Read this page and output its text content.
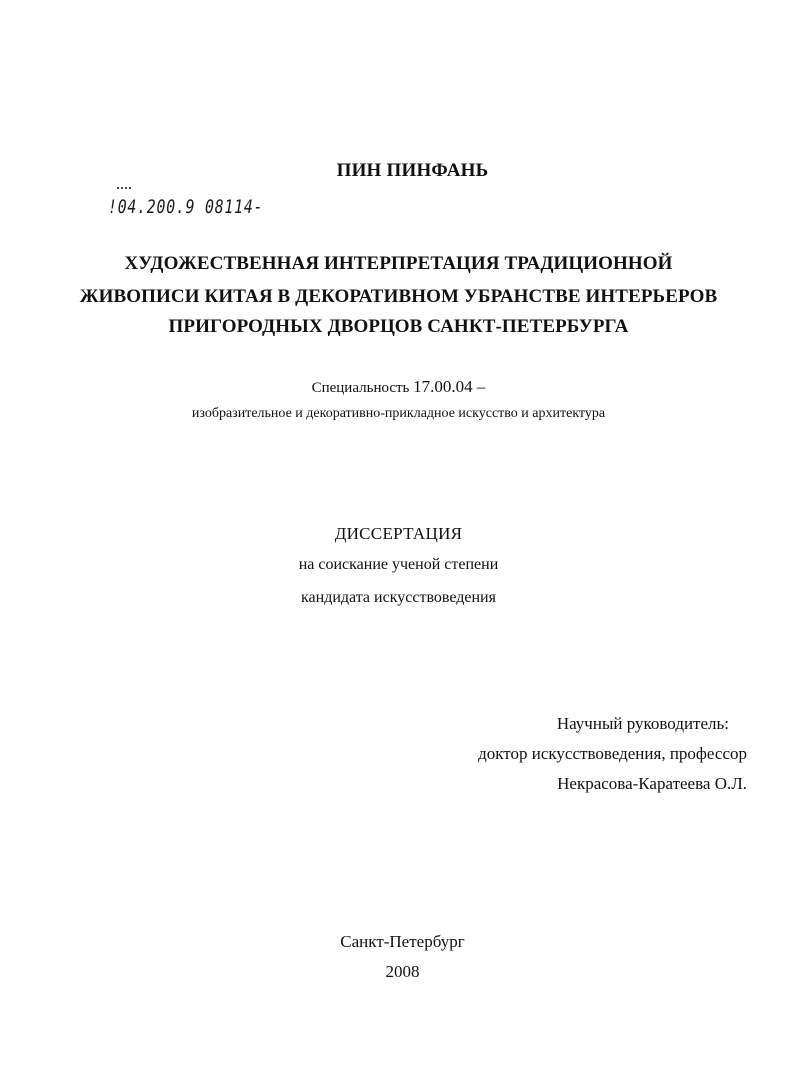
ПИН ПИНФАНЬ
!04.200.9 08114-
ХУДОЖЕСТВЕННАЯ ИНТЕРПРЕТАЦИЯ ТРАДИЦИОННОЙ
ЖИВОПИСИ КИТАЯ В ДЕКОРАТИВНОМ УБРАНСТВЕ ИНТЕРЬЕРОВ
ПРИГОРОДНЫХ ДВОРЦОВ САНКТ-ПЕТЕРБУРГА
Специальность 17.00.04 –
изобразительное и декоративно-прикладное искусство и архитектура
ДИССЕРТАЦИЯ
на соискание ученой степени
кандидата искусствоведения
Научный руководитель:
доктор искусствоведения, профессор
Некрасова-Каратеева О.Л.
Санкт-Петербург
2008
